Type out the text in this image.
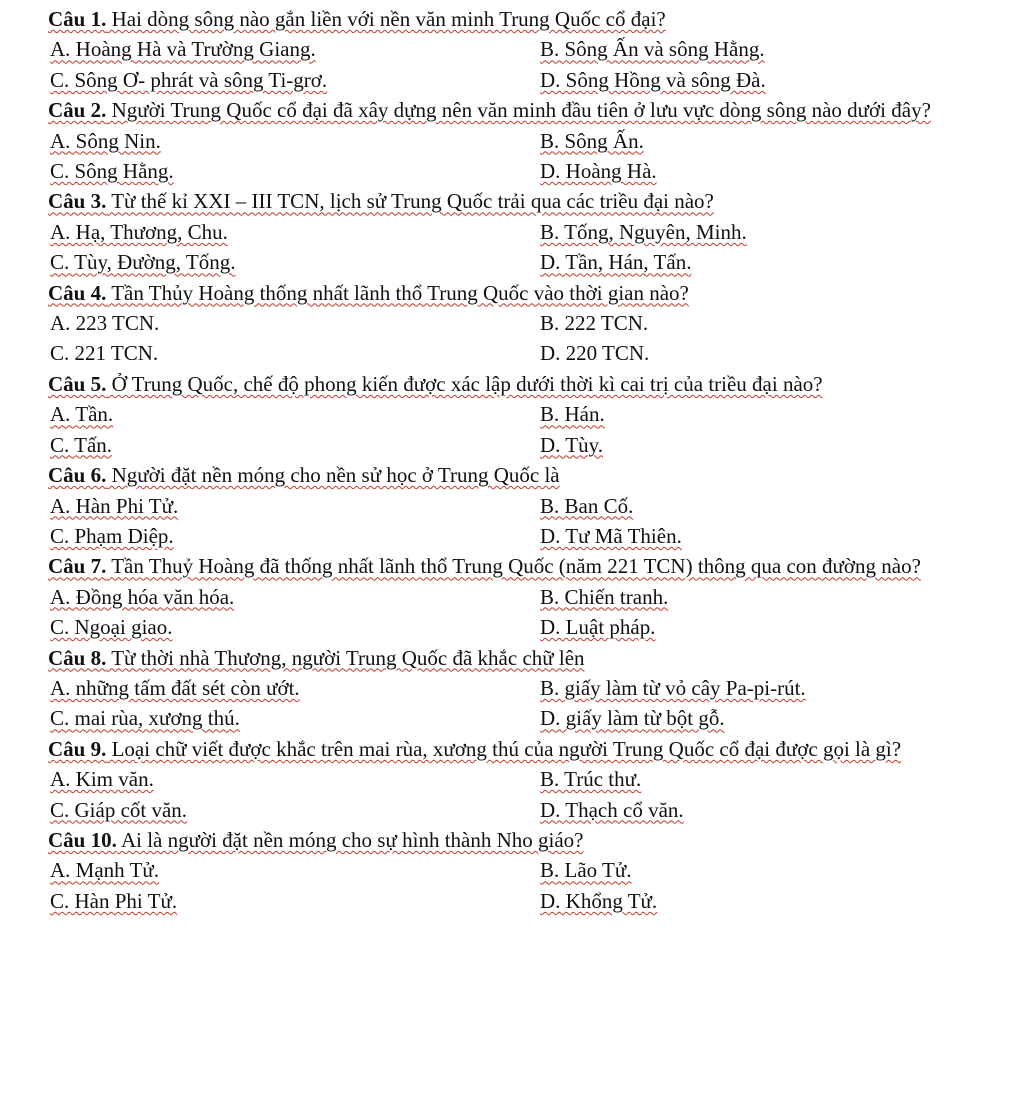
Câu 1. Hai dòng sông nào gắn liền với nền văn minh Trung Quốc cổ đại?
A. Hoàng Hà và Trường Giang.	B. Sông Ấn và sông Hằng.
C. Sông Ơ- phrát và sông Ti-grơ.	D. Sông Hồng và sông Đà.
Câu 2. Người Trung Quốc cổ đại đã xây dựng nên văn minh đầu tiên ở lưu vực dòng sông nào dưới đây?
A. Sông Nin.	B. Sông Ấn.
C. Sông Hằng.	D. Hoàng Hà.
Câu 3. Từ thế kỉ XXI – III TCN, lịch sử Trung Quốc trải qua các triều đại nào?
A. Hạ, Thương, Chu.	B. Tống, Nguyên, Minh.
C. Tùy, Đường, Tống.	D. Tần, Hán, Tấn.
Câu 4. Tần Thủy Hoàng thống nhất lãnh thổ Trung Quốc vào thời gian nào?
A. 223 TCN.	B. 222 TCN.
C. 221 TCN.	D. 220 TCN.
Câu 5. Ở Trung Quốc, chế độ phong kiến được xác lập dưới thời kì cai trị của triều đại nào?
A. Tần.	B. Hán.
C. Tấn.	D. Tùy.
Câu 6. Người đặt nền móng cho nền sử học ở Trung Quốc là
A. Hàn Phi Tử.	B. Ban Cố.
C. Phạm Diệp.	D. Tư Mã Thiên.
Câu 7. Tần Thuỷ Hoàng đã thống nhất lãnh thổ Trung Quốc (năm 221 TCN) thông qua con đường nào?
A. Đồng hóa văn hóa.	B. Chiến tranh.
C. Ngoại giao.	D. Luật pháp.
Câu 8. Từ thời nhà Thương, người Trung Quốc đã khắc chữ lên
A. những tấm đất sét còn ướt.	B. giấy làm từ vỏ cây Pa-pi-rút.
C. mai rùa, xương thú.	D. giấy làm từ bột gỗ.
Câu 9. Loại chữ viết được khắc trên mai rùa, xương thú của người Trung Quốc cổ đại được gọi là gì?
A. Kim văn.	B. Trúc thư.
C. Giáp cốt văn.	D. Thạch cổ văn.
Câu 10. Ai là người đặt nền móng cho sự hình thành Nho giáo?
A. Mạnh Tử.	B. Lão Tử.
C. Hàn Phi Tử.	D. Khổng Tử.
